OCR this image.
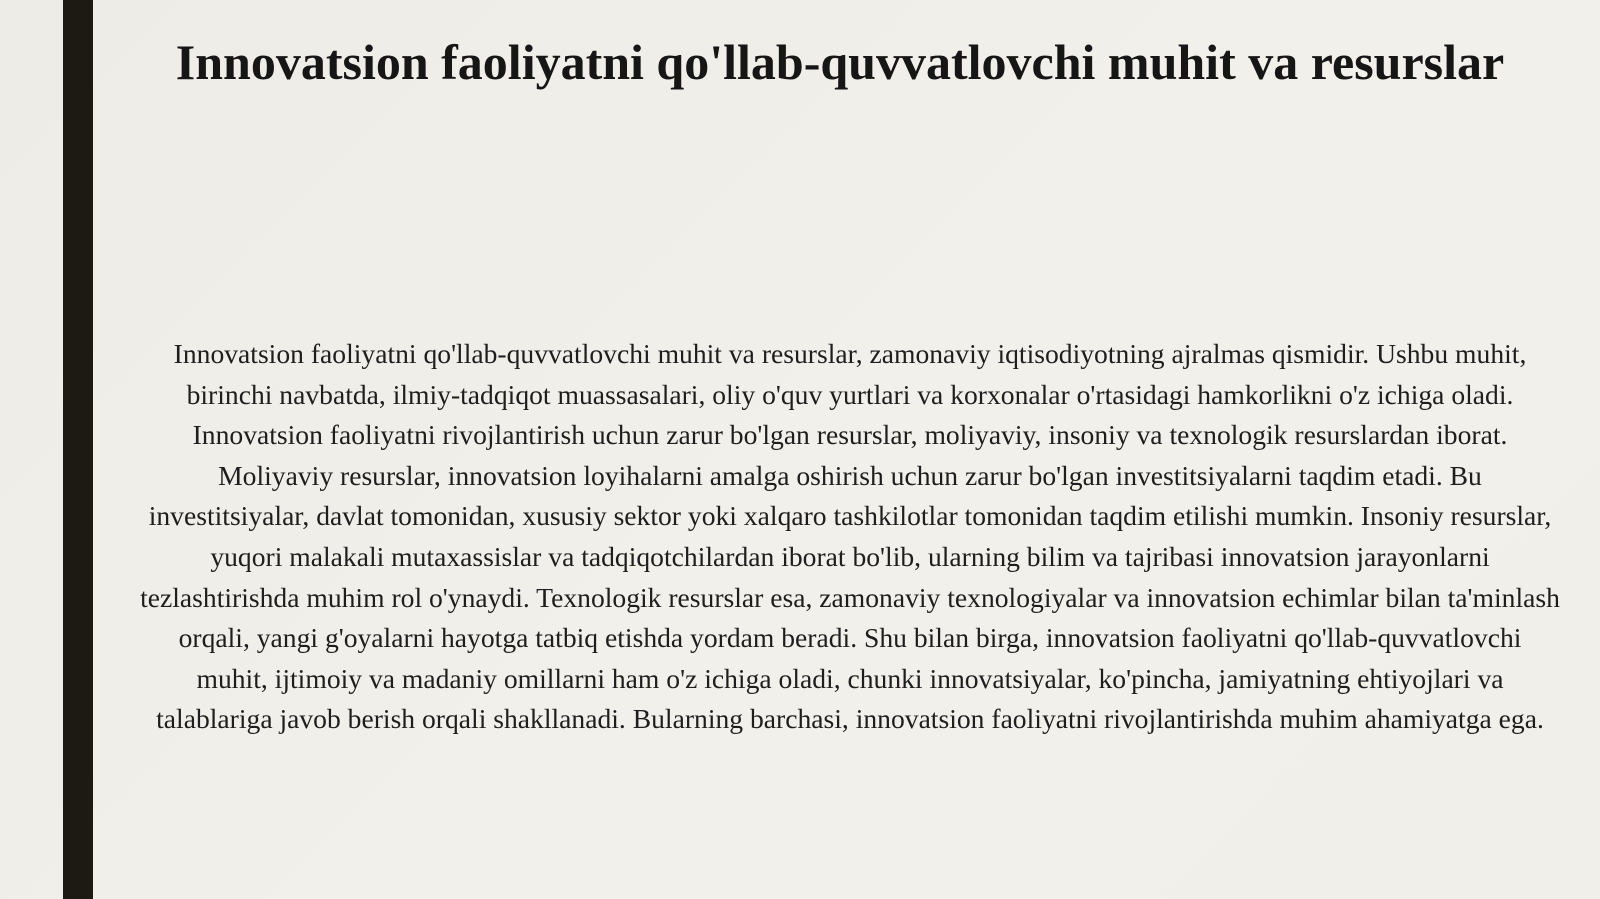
Innovatsion faoliyatni qo'llab-quvvatlovchi muhit va resurslar

Innovatsion faoliyatni qo'llab-quvvatlovchi muhit va resurslar, zamonaviy iqtisodiyotning ajralmas qismidir. Ushbu muhit, birinchi navbatda, ilmiy-tadqiqot muassasalari, oliy o'quv yurtlari va korxonalar o'rtasidagi hamkorlikni o'z ichiga oladi. Innovatsion faoliyatni rivojlantirish uchun zarur bo'lgan resurslar, moliyaviy, insoniy va texnologik resurslardan iborat. Moliyaviy resurslar, innovatsion loyihalarni amalga oshirish uchun zarur bo'lgan investitsiyalarni taqdim etadi. Bu investitsiyalar, davlat tomonidan, xususiy sektor yoki xalqaro tashkilotlar tomonidan taqdim etilishi mumkin. Insoniy resurslar, yuqori malakali mutaxassislar va tadqiqotchilardan iborat bo'lib, ularning bilim va tajribasi innovatsion jarayonlarni tezlashtirishda muhim rol o'ynaydi. Texnologik resurslar esa, zamonaviy texnologiyalar va innovatsion echimlar bilan ta'minlash orqali, yangi g'oyalarni hayotga tatbiq etishda yordam beradi. Shu bilan birga, innovatsion faoliyatni qo'llab-quvvatlovchi muhit, ijtimoiy va madaniy omillarni ham o'z ichiga oladi, chunki innovatsiyalar, ko'pincha, jamiyatning ehtiyojlari va talablariga javob berish orqali shakllanadi. Bularning barchasi, innovatsion faoliyatni rivojlantirishda muhim ahamiyatga ega.
